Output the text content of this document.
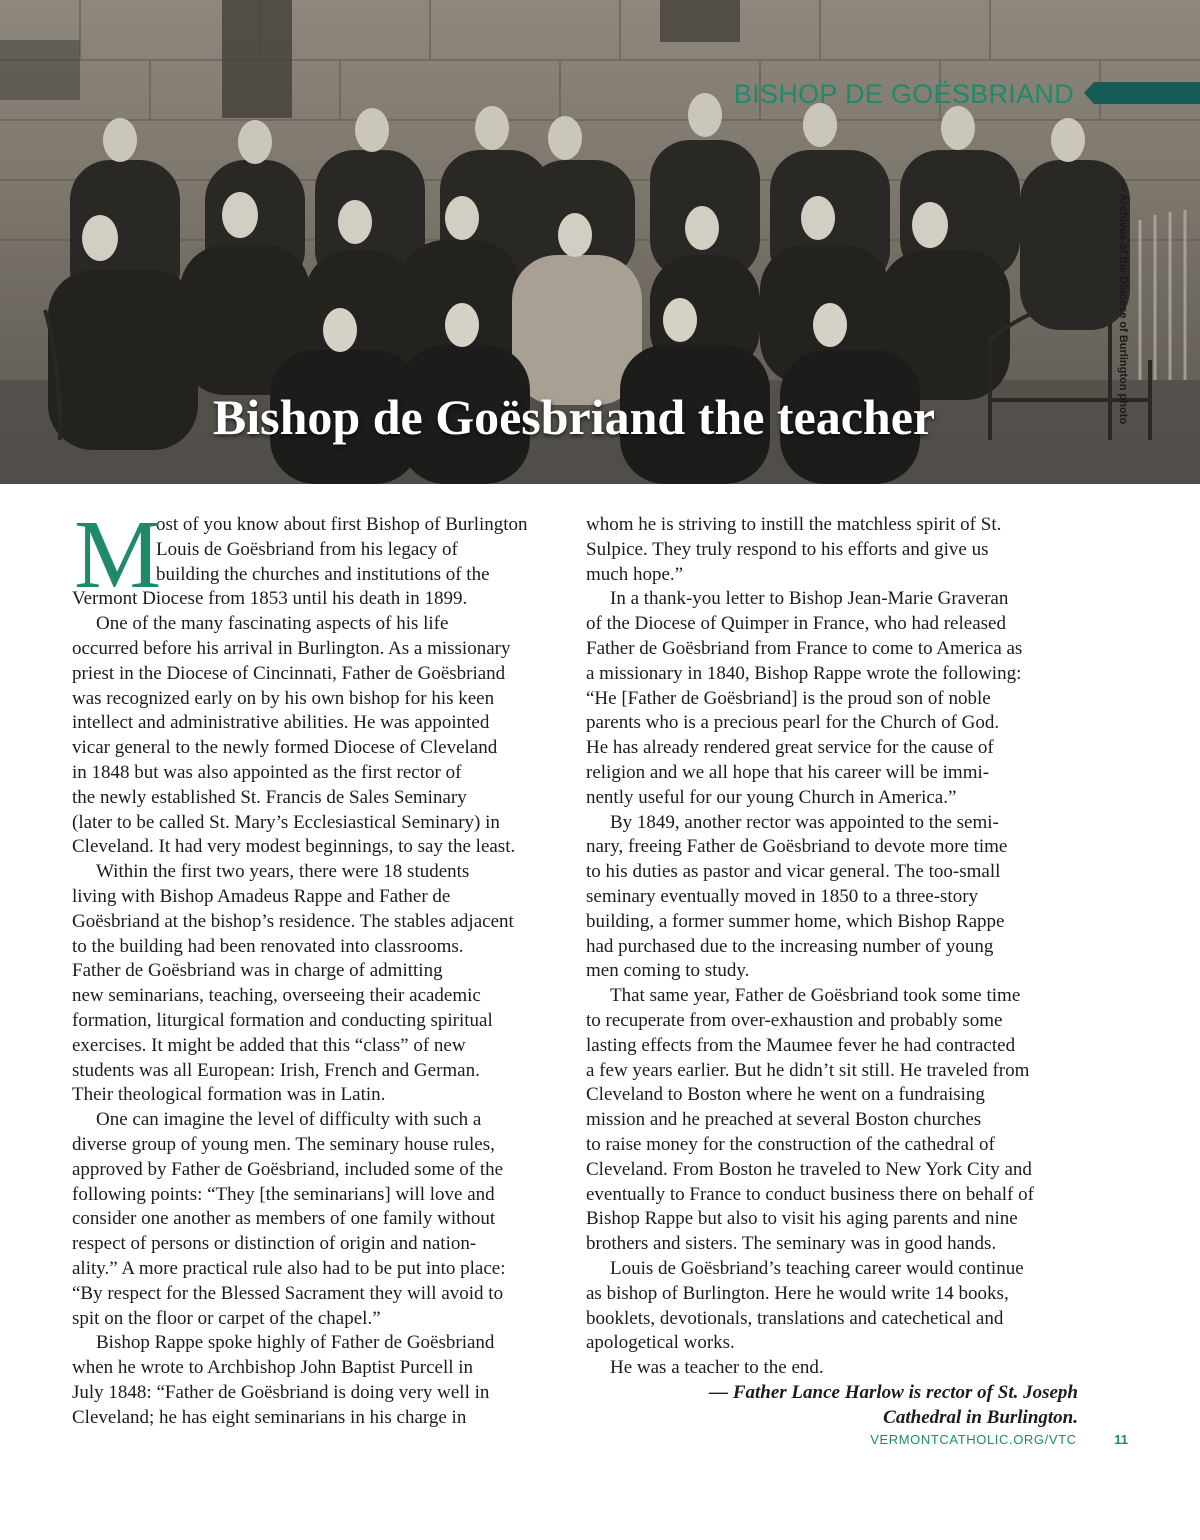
BISHOP DE GOËSBRIAND
— Archives of the Diocese of Burlington photo
Bishop de Goësbriand the teacher
M
ost of you know about first Bishop of Burlington
Louis de Goësbriand from his legacy of
building the churches and institutions of the
Vermont Diocese from 1853 until his death in 1899.
One of the many fascinating aspects of his life
occurred before his arrival in Burlington. As a missionary
priest in the Diocese of Cincinnati, Father de Goësbriand
was recognized early on by his own bishop for his keen
intellect and administrative abilities. He was appointed
vicar general to the newly formed Diocese of Cleveland
in 1848 but was also appointed as the first rector of
the newly established St. Francis de Sales Seminary
(later to be called St. Mary’s Ecclesiastical Seminary) in
Cleveland. It had very modest beginnings, to say the least.
Within the first two years, there were 18 students
living with Bishop Amadeus Rappe and Father de
Goësbriand at the bishop’s residence. The stables adjacent
to the building had been renovated into classrooms.
Father de Goësbriand was in charge of admitting
new seminarians, teaching, overseeing their academic
formation, liturgical formation and conducting spiritual
exercises. It might be added that this “class” of new
students was all European: Irish, French and German.
Their theological formation was in Latin.
One can imagine the level of difficulty with such a
diverse group of young men. The seminary house rules,
approved by Father de Goësbriand, included some of the
following points: “They [the seminarians] will love and
consider one another as members of one family without
respect of persons or distinction of origin and nation-
ality.” A more practical rule also had to be put into place:
“By respect for the Blessed Sacrament they will avoid to
spit on the floor or carpet of the chapel.”
Bishop Rappe spoke highly of Father de Goësbriand
when he wrote to Archbishop John Baptist Purcell in
July 1848: “Father de Goësbriand is doing very well in
Cleveland; he has eight seminarians in his charge in
whom he is striving to instill the matchless spirit of St.
Sulpice. They truly respond to his efforts and give us
much hope.”
In a thank-you letter to Bishop Jean-Marie Graveran
of the Diocese of Quimper in France, who had released
Father de Goësbriand from France to come to America as
a missionary in 1840, Bishop Rappe wrote the following:
“He [Father de Goësbriand] is the proud son of noble
parents who is a precious pearl for the Church of God.
He has already rendered great service for the cause of
religion and we all hope that his career will be immi-
nently useful for our young Church in America.”
By 1849, another rector was appointed to the semi-
nary, freeing Father de Goësbriand to devote more time
to his duties as pastor and vicar general. The too-small
seminary eventually moved in 1850 to a three-story
building, a former summer home, which Bishop Rappe
had purchased due to the increasing number of young
men coming to study.
That same year, Father de Goësbriand took some time
to recuperate from over-exhaustion and probably some
lasting effects from the Maumee fever he had contracted
a few years earlier. But he didn’t sit still. He traveled from
Cleveland to Boston where he went on a fundraising
mission and he preached at several Boston churches
to raise money for the construction of the cathedral of
Cleveland. From Boston he traveled to New York City and
eventually to France to conduct business there on behalf of
Bishop Rappe but also to visit his aging parents and nine
brothers and sisters. The seminary was in good hands.
Louis de Goësbriand’s teaching career would continue
as bishop of Burlington. Here he would write 14 books,
booklets, devotionals, translations and catechetical and
apologetical works.
He was a teacher to the end.
— Father Lance Harlow is rector of St. Joseph
Cathedral in Burlington.
VERMONTCATHOLIC.ORG/VTC	11
